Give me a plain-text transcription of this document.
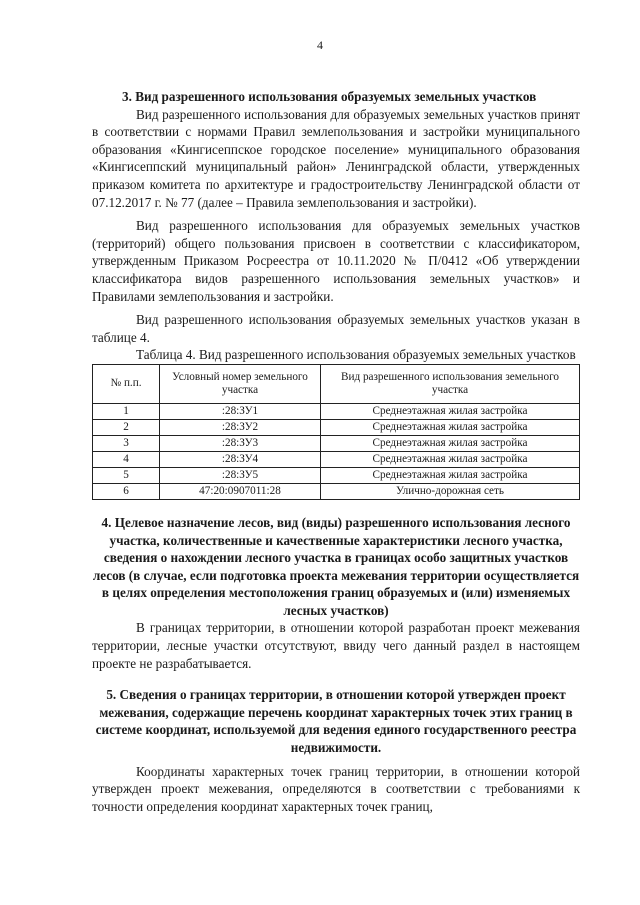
4

3. Вид разрешенного использования образуемых земельных участков

Вид разрешенного использования для образуемых земельных участков принят в соответствии с нормами Правил землепользования и застройки муниципального образования «Кингисеппское городское поселение» муниципального образования «Кингисеппский муниципальный район» Ленинградской области, утвержденных приказом комитета по архитектуре и градостроительству Ленинградской области от 07.12.2017 г. № 77 (далее – Правила землепользования и застройки).

Вид разрешенного использования для образуемых земельных участков (территорий) общего пользования присвоен в соответствии с классификатором, утвержденным Приказом Росреестра от 10.11.2020 № П/0412 «Об утверждении классификатора видов разрешенного использования земельных участков» и Правилами землепользования и застройки.

Вид разрешенного использования образуемых земельных участков указан в таблице 4.

Таблица 4. Вид разрешенного использования образуемых земельных участков

№ п.п.	Условный номер земельного участка	Вид разрешенного использования земельного участка
1	:28:ЗУ1	Среднеэтажная жилая застройка
2	:28:ЗУ2	Среднеэтажная жилая застройка
3	:28:ЗУ3	Среднеэтажная жилая застройка
4	:28:ЗУ4	Среднеэтажная жилая застройка
5	:28:ЗУ5	Среднеэтажная жилая застройка
6	47:20:0907011:28	Улично-дорожная сеть

4. Целевое назначение лесов, вид (виды) разрешенного использования лесного участка, количественные и качественные характеристики лесного участка, сведения о нахождении лесного участка в границах особо защитных участков лесов (в случае, если подготовка проекта межевания территории осуществляется в целях определения местоположения границ образуемых и (или) изменяемых лесных участков)

В границах территории, в отношении которой разработан проект межевания территории, лесные участки отсутствуют, ввиду чего данный раздел в настоящем проекте не разрабатывается.

5. Сведения о границах территории, в отношении которой утвержден проект межевания, содержащие перечень координат характерных точек этих границ в системе координат, используемой для ведения единого государственного реестра недвижимости.

Координаты характерных точек границ территории, в отношении которой утвержден проект межевания, определяются в соответствии с требованиями к точности определения координат характерных точек границ,
